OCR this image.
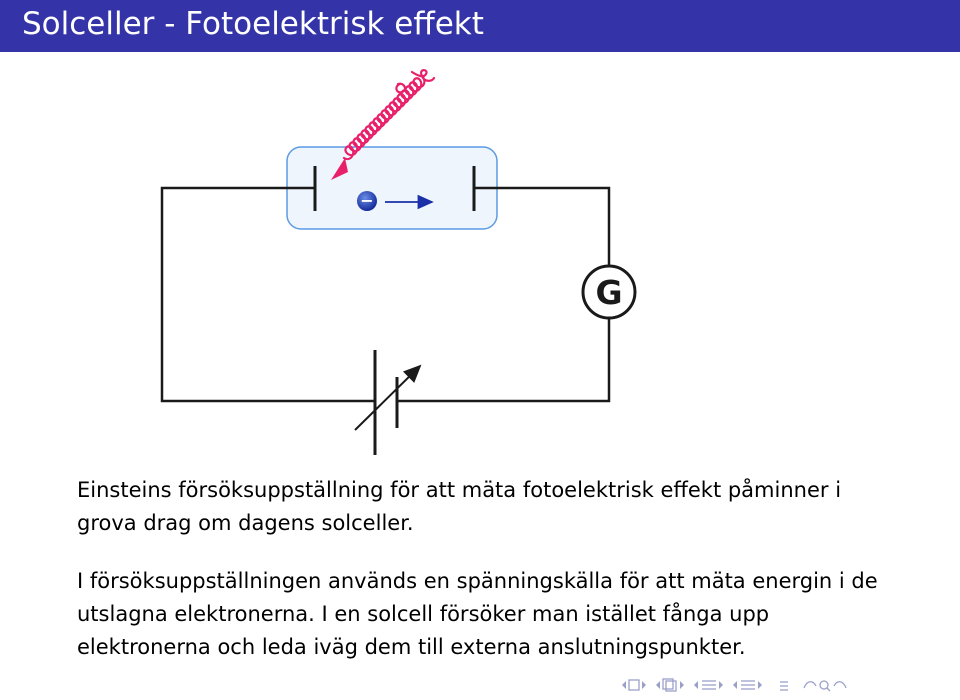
Solceller - Fotoelektrisk effekt
−
G

Einsteins försöksuppställning för att mäta fotoelektrisk effekt påminner i grova drag om dagens solceller.

I försöksuppställningen används en spänningskälla för att mäta energin i de utslagna elektronerna. I en solcell försöker man istället fånga upp elektronerna och leda iväg dem till externa anslutningspunkter.
